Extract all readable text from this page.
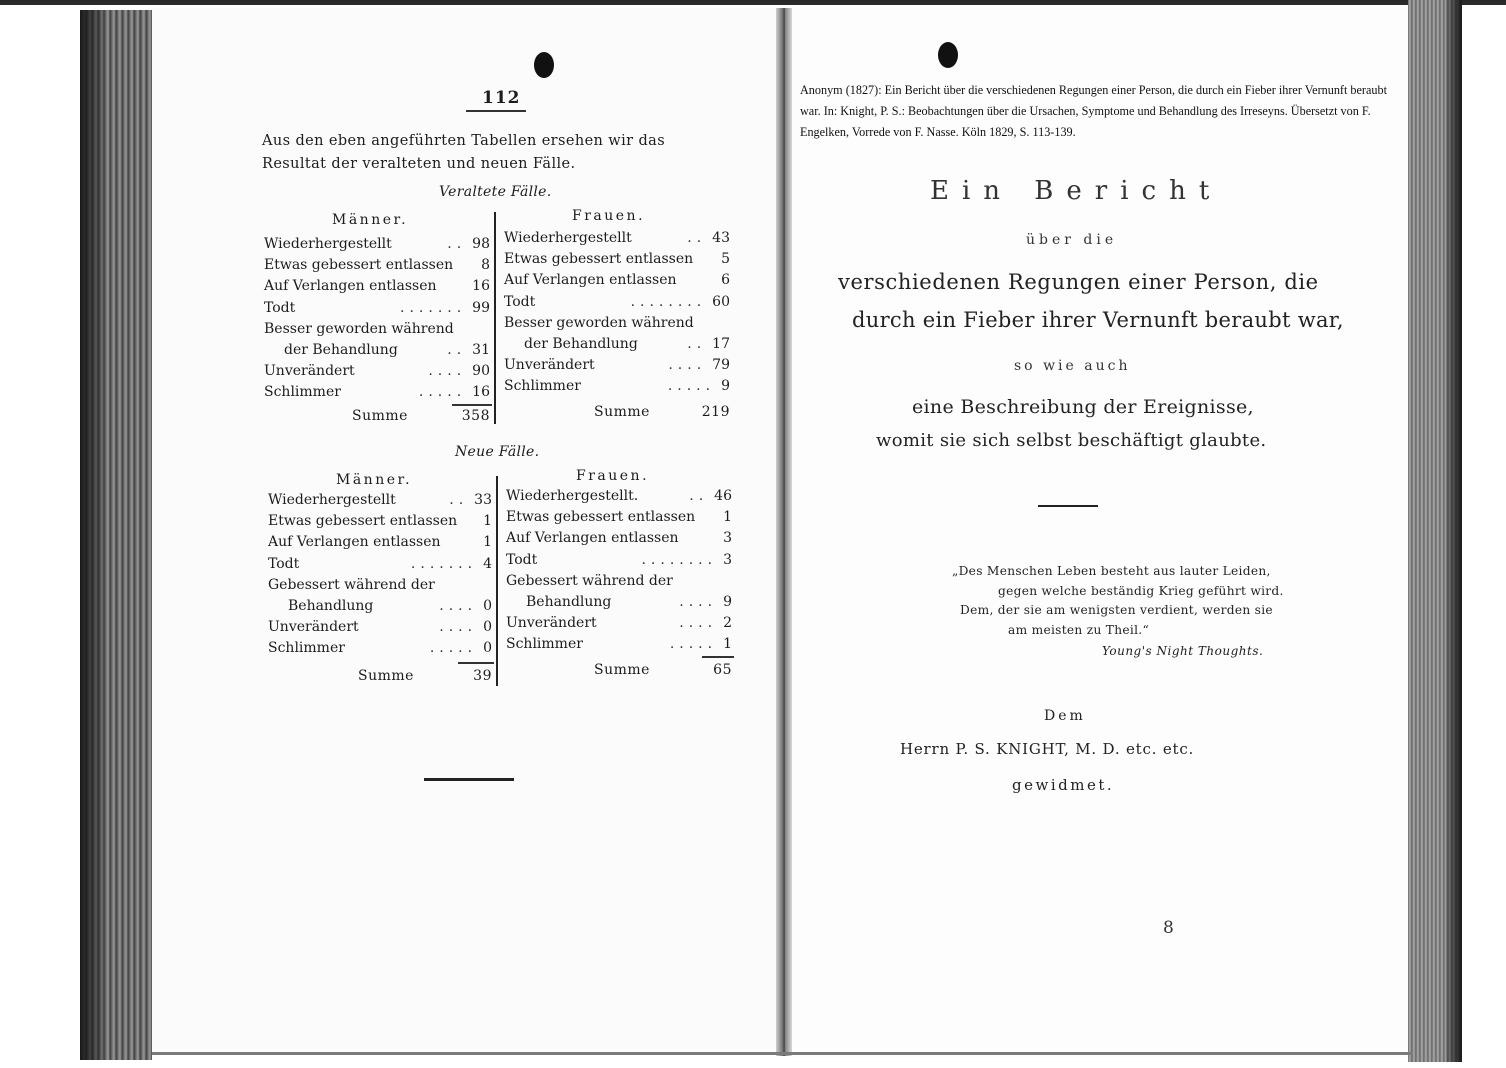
112
Aus den eben angeführten Tabellen ersehen wir das
Resultat der veralteten und neuen Fälle.
Veraltete Fälle.
Männer.	Frauen.
Wiederhergestellt	.. 98
Etwas gebessert entlassen 8
Auf Verlangen entlassen	16
Todt	....... 99
Besser geworden während
der Behandlung	.. 31
Unverändert	.... 90
Schlimmer	..... 16
Summe	358
Wiederhergestellt	.. 43
Etwas gebessert entlassen 5
Auf Verlangen entlassen	6
Todt	........ 60
Besser geworden während
der Behandlung	.. 17
Unverändert	.... 79
Schlimmer	..... 9
Summe	219
Neue Fälle.
Männer.	Frauen.
Wiederhergestellt	.. 33
Etwas gebessert entlassen 1
Auf Verlangen entlassen	1
Todt	....... 4
Gebessert während der
Behandlung	.... 0
Unverändert	.... 0
Schlimmer	..... 0
Summe	39
Wiederhergestellt.	.. 46
Etwas gebessert entlassen 1
Auf Verlangen entlassen	3
Todt	........ 3
Gebessert während der
Behandlung	.... 9
Unverändert	.... 2
Schlimmer	..... 1
Summe	65
Anonym (1827): Ein Bericht über die verschiedenen Regungen einer Person, die durch ein Fieber ihrer Vernunft beraubt war. In: Knight, P. S.: Beobachtungen über die Ursachen, Symptome und Behandlung des Irreseyns. Übersetzt von F. Engelken, Vorrede von F. Nasse. Köln 1829, S. 113-139.
Ein Bericht
über die
verschiedenen Regungen einer Person, die
durch ein Fieber ihrer Vernunft beraubt war,
so wie auch
eine Beschreibung der Ereignisse,
womit sie sich selbst beschäftigt glaubte.
„Des Menschen Leben besteht aus lauter Leiden,
gegen welche beständig Krieg geführt wird.
Dem, der sie am wenigsten verdient, werden sie
am meisten zu Theil.“
Young's Night Thoughts.
Dem
Herrn P. S. KNIGHT, M. D. etc. etc.
gewidmet.
8
